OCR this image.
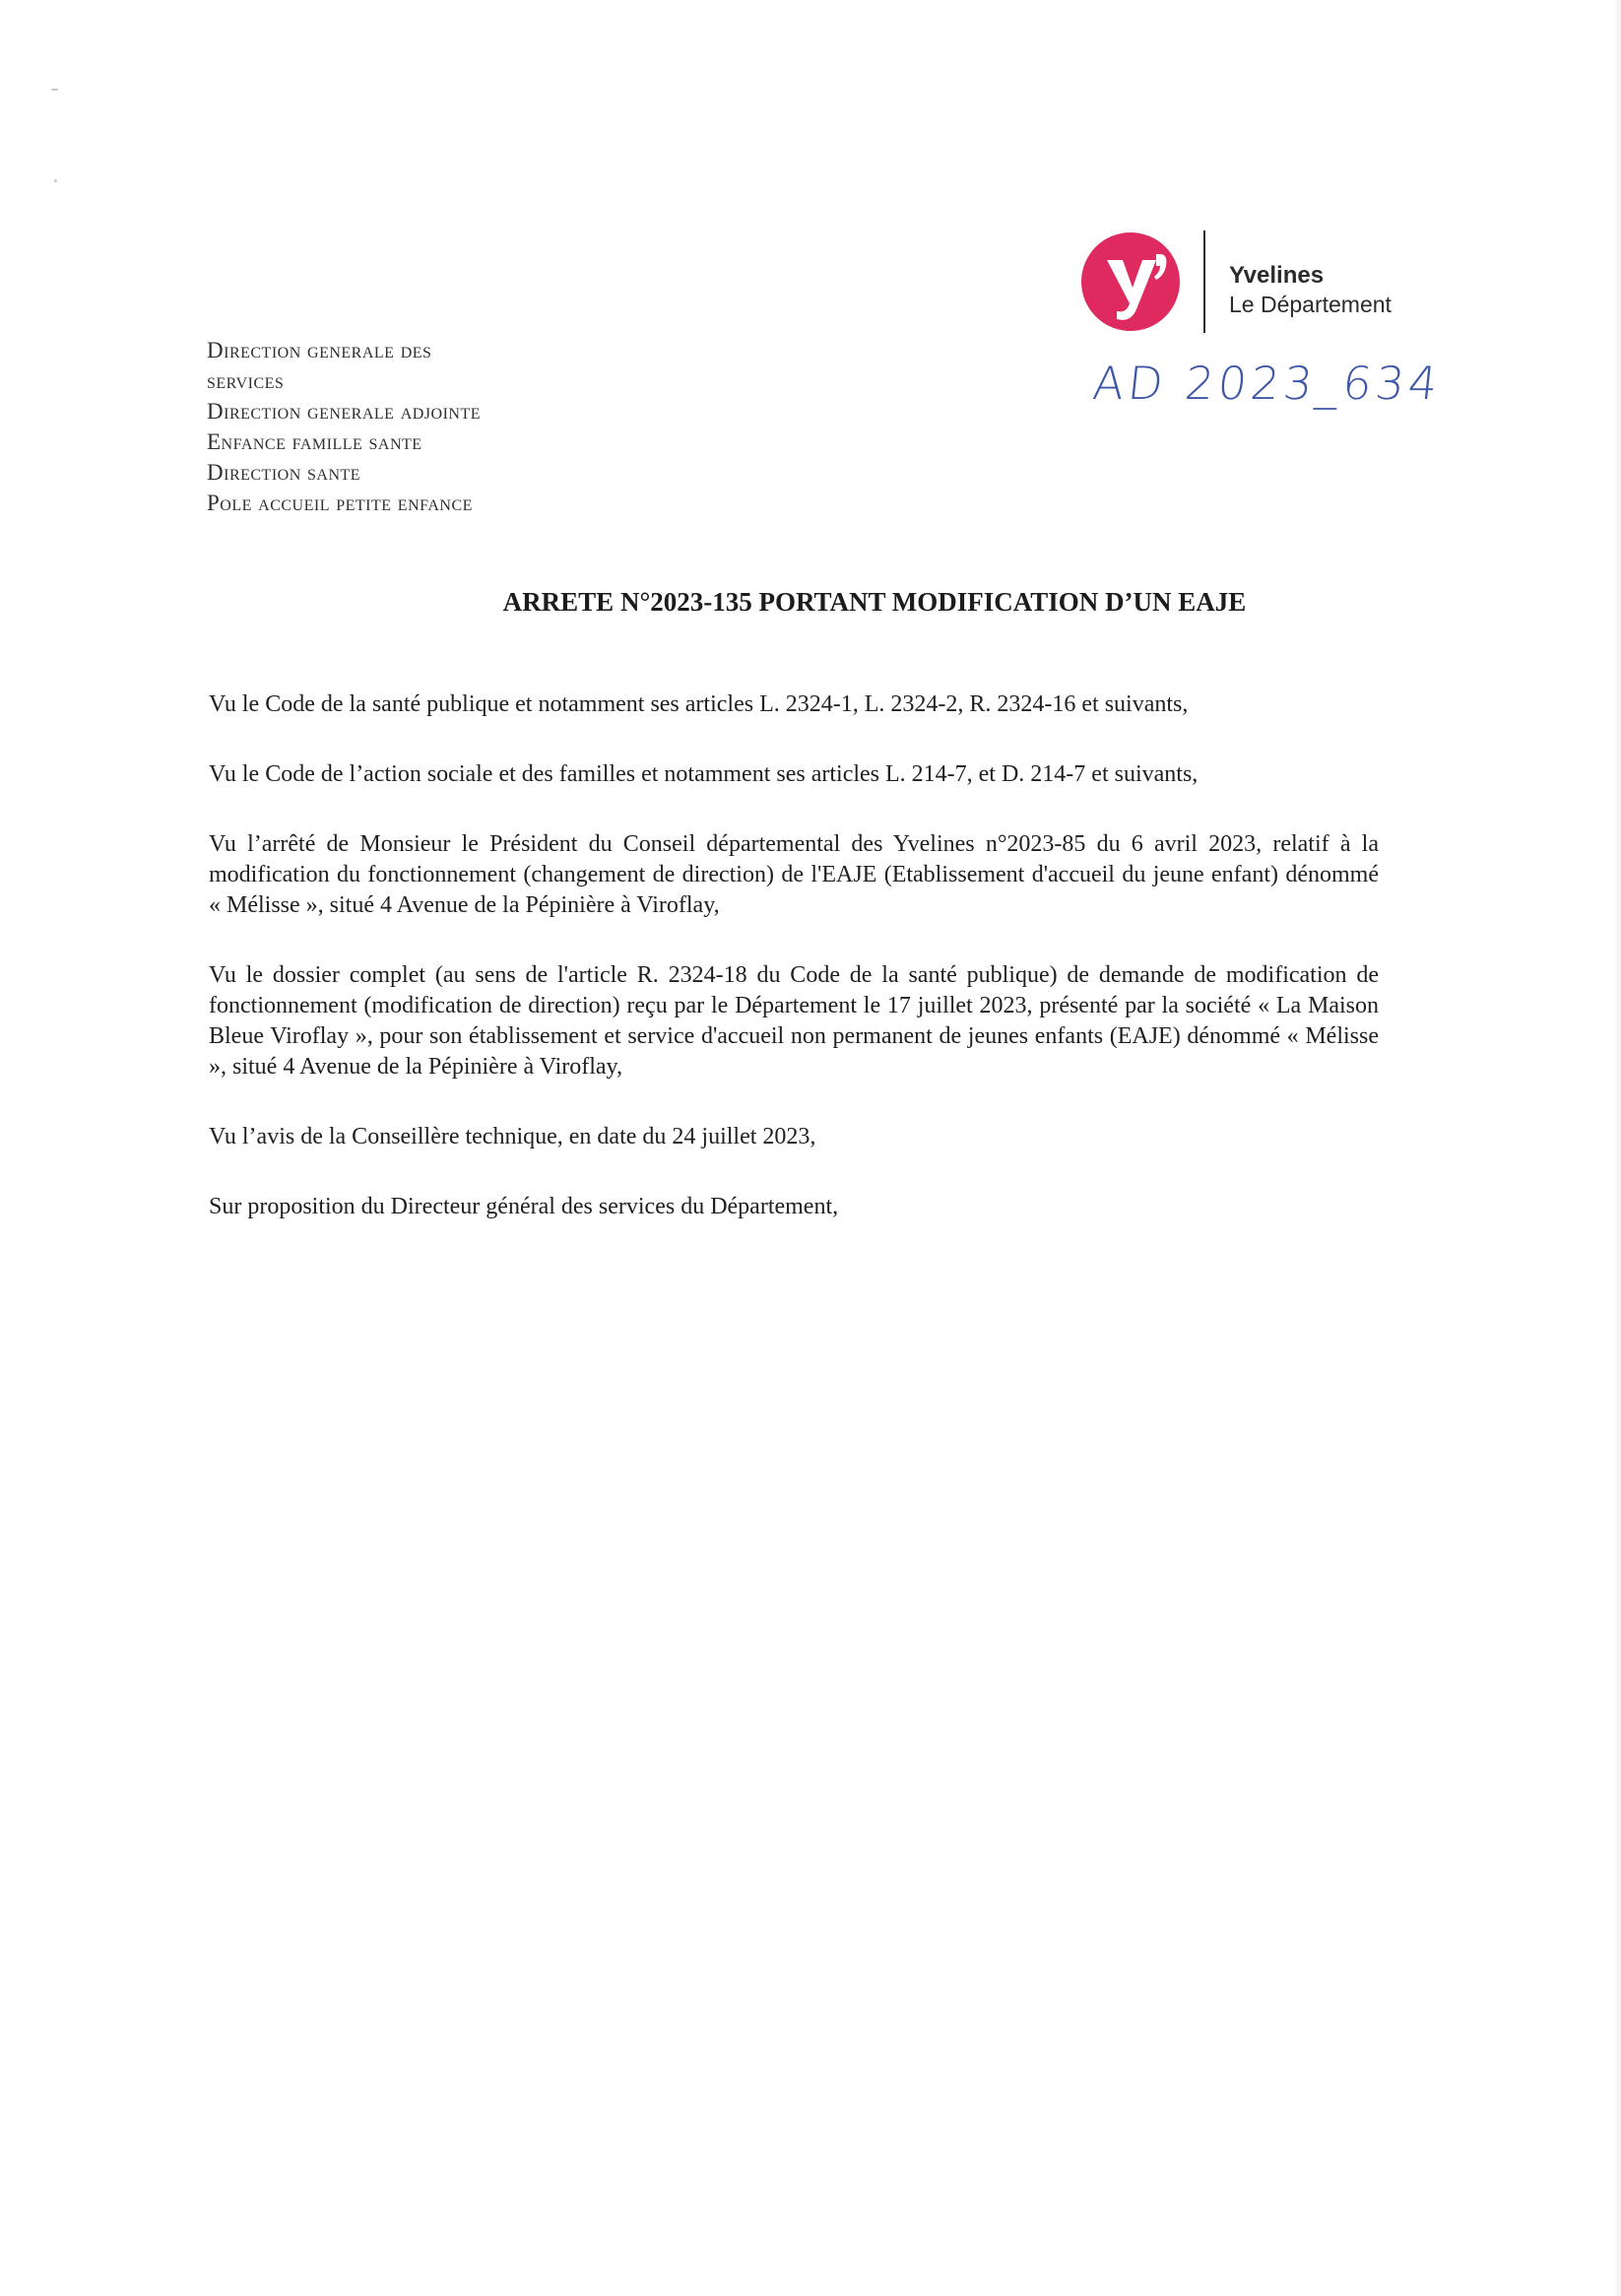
Yvelines
Le Département
AD 2023_634
Direction generale des
services
Direction generale adjointe
Enfance famille sante
Direction sante
Pole accueil petite enfance
ARRETE N°2023-135 PORTANT MODIFICATION D’UN EAJE

Vu le Code de la santé publique et notamment ses articles L. 2324-1, L. 2324-2, R. 2324-16 et suivants,

Vu le Code de l’action sociale et des familles et notamment ses articles L. 214-7, et D. 214-7 et suivants,

Vu l’arrêté de Monsieur le Président du Conseil départemental des Yvelines n°2023-85 du 6 avril 2023, relatif à la modification du fonctionnement (changement de direction) de l'EAJE (Etablissement d'accueil du jeune enfant) dénommé « Mélisse », situé 4 Avenue de la Pépinière à Viroflay,

Vu le dossier complet (au sens de l'article R. 2324-18 du Code de la santé publique) de demande de modification de fonctionnement (modification de direction) reçu par le Département le 17 juillet 2023, présenté par la société « La Maison Bleue Viroflay », pour son établissement et service d'accueil non permanent de jeunes enfants (EAJE) dénommé « Mélisse », situé 4 Avenue de la Pépinière à Viroflay,

Vu l’avis de la Conseillère technique, en date du 24 juillet 2023,

Sur proposition du Directeur général des services du Département,
